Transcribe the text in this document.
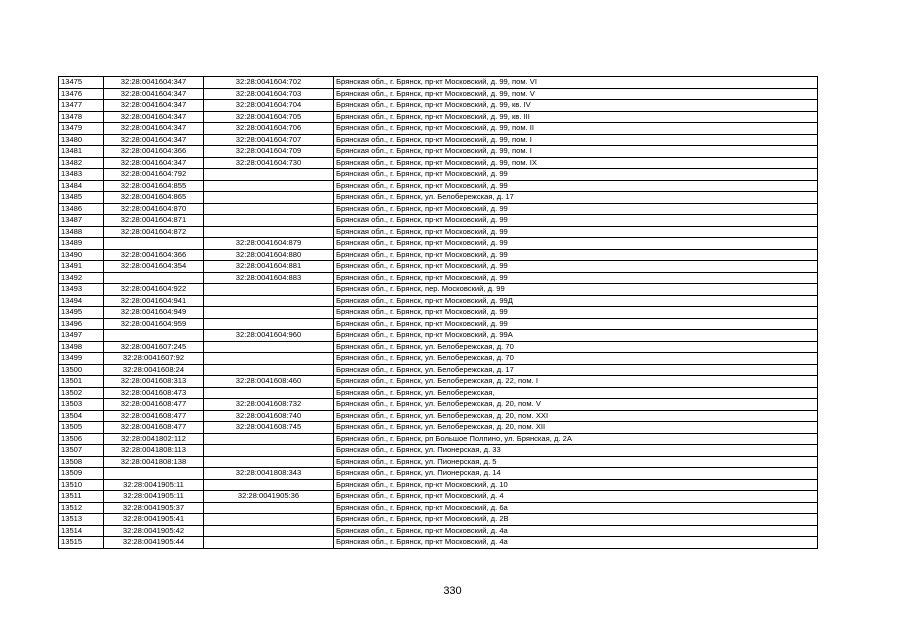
13475	32:28:0041604:347	32:28:0041604:702	Брянская обл., г. Брянск, пр-кт Московский, д. 99, пом. VI
13476	32:28:0041604:347	32:28:0041604:703	Брянская обл., г. Брянск, пр-кт Московский, д. 99, пом. V
13477	32:28:0041604:347	32:28:0041604:704	Брянская обл., г. Брянск, пр-кт Московский, д. 99, кв. IV
13478	32:28:0041604:347	32:28:0041604:705	Брянская обл., г. Брянск, пр-кт Московский, д. 99, кв. III
13479	32:28:0041604:347	32:28:0041604:706	Брянская обл., г. Брянск, пр-кт Московский, д. 99, пом. II
13480	32:28:0041604:347	32:28:0041604:707	Брянская обл., г. Брянск, пр-кт Московский, д. 99, пом. I
13481	32:28:0041604:366	32:28:0041604:709	Брянская обл., г. Брянск, пр-кт Московский, д. 99, пом. I
13482	32:28:0041604:347	32:28:0041604:730	Брянская обл., г. Брянск, пр-кт Московский, д. 99, пом. IX
13483	32:28:0041604:792		Брянская обл., г. Брянск, пр-кт Московский, д. 99
13484	32:28:0041604:855		Брянская обл., г. Брянск, пр-кт Московский, д. 99
13485	32:28:0041604:865		Брянская обл., г. Брянск, ул. Белобережская, д. 17
13486	32:28:0041604:870		Брянская обл., г. Брянск, пр-кт Московский, д. 99
13487	32:28:0041604:871		Брянская обл., г. Брянск, пр-кт Московский, д. 99
13488	32:28:0041604:872		Брянская обл., г. Брянск, пр-кт Московский, д. 99
13489		32:28:0041604:879	Брянская обл., г. Брянск, пр-кт Московский, д. 99
13490	32:28:0041604:366	32:28:0041604:880	Брянская обл., г. Брянск, пр-кт Московский, д. 99
13491	32:28:0041604:354	32:28:0041604:881	Брянская обл., г. Брянск, пр-кт Московский, д. 99
13492		32:28:0041604:883	Брянская обл., г. Брянск, пр-кт Московский, д. 99
13493	32:28:0041604:922		Брянская обл., г. Брянск, пер. Московский, д. 99
13494	32:28:0041604:941		Брянская обл., г. Брянск, пр-кт Московский, д. 99Д
13495	32:28:0041604:949		Брянская обл., г. Брянск, пр-кт Московский, д. 99
13496	32:28:0041604:959		Брянская обл., г. Брянск, пр-кт Московский, д. 99
13497		32:28:0041604:960	Брянская обл., г. Брянск, пр-кт Московский, д. 99А
13498	32:28:0041607:245		Брянская обл., г. Брянск, ул. Белобережская, д. 70
13499	32:28:0041607:92		Брянская обл., г. Брянск, ул. Белобережская, д. 70
13500	32:28:0041608:24		Брянская обл., г. Брянск, ул. Белобережская, д. 17
13501	32:28:0041608:313	32:28:0041608:460	Брянская обл., г. Брянск, ул. Белобережская, д. 22, пом. I
13502	32:28:0041608:473		Брянская обл., г. Брянск, ул. Белобережская,
13503	32:28:0041608:477	32:28:0041608:732	Брянская обл., г. Брянск, ул. Белобережская, д. 20, пом. V
13504	32:28:0041608:477	32:28:0041608:740	Брянская обл., г. Брянск, ул. Белобережская, д. 20, пом. XXI
13505	32:28:0041608:477	32:28:0041608:745	Брянская обл., г. Брянск, ул. Белобережская, д. 20, пом. XII
13506	32:28:0041802:112		Брянская обл., г. Брянск, рп Большое Полпино, ул. Брянская, д. 2А
13507	32:28:0041808:113		Брянская обл., г. Брянск, ул. Пионерская, д. 33
13508	32:28:0041808:138		Брянская обл., г. Брянск, ул. Пионерская, д. 5
13509		32:28:0041808:343	Брянская обл., г. Брянск, ул. Пионерская, д. 14
13510	32:28:0041905:11		Брянская обл., г. Брянск, пр-кт Московский, д. 10
13511	32:28:0041905:11	32:28:0041905:36	Брянская обл., г. Брянск, пр-кт Московский, д. 4
13512	32:28:0041905:37		Брянская обл., г. Брянск, пр-кт Московский, д. 6а
13513	32:28:0041905:41		Брянская обл., г. Брянск, пр-кт Московский, д. 2В
13514	32:28:0041905:42		Брянская обл., г. Брянск, пр-кт Московский, д. 4а
13515	32:28:0041905:44		Брянская обл., г. Брянск, пр-кт Московский, д. 4а
330
